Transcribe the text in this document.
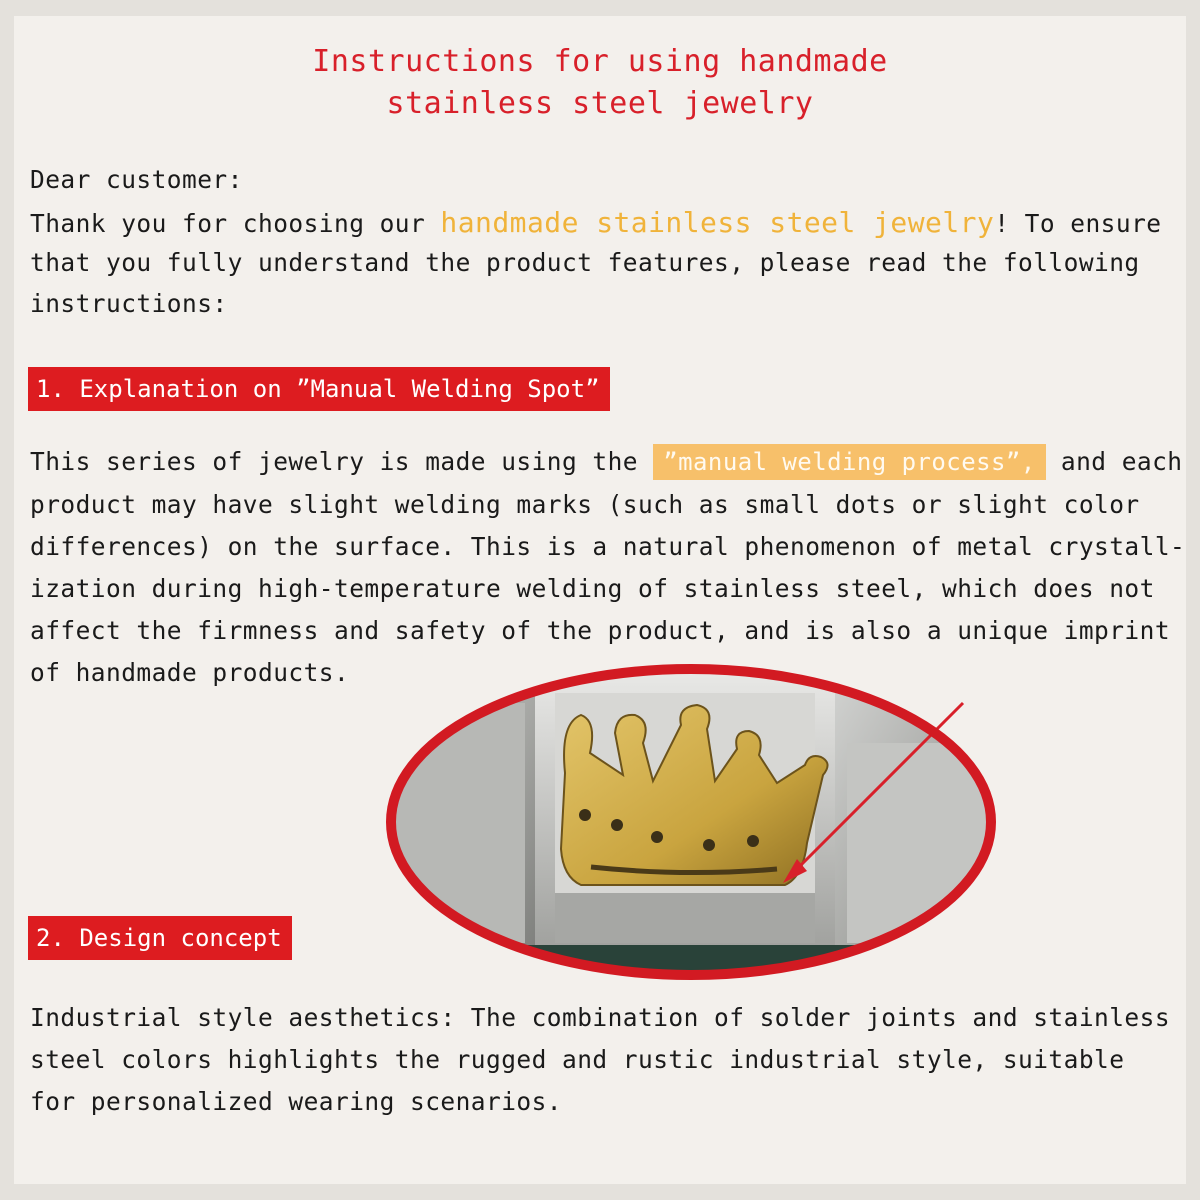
Instructions for using handmade
stainless steel jewelry
Dear customer:
Thank you for choosing our handmade stainless steel jewelry! To ensure
that you fully understand the product features, please read the following
instructions:
1. Explanation on ”Manual Welding Spot”
This series of jewelry is made using the ”manual welding process”, and each
product may have slight welding marks (such as small dots or slight color
differences) on the surface. This is a natural phenomenon of metal crystall-
ization during high-temperature welding of stainless steel, which does not
affect the firmness and safety of the product, and is also a unique imprint
of handmade products.
2. Design concept
Industrial style aesthetics: The combination of solder joints and stainless
steel colors highlights the rugged and rustic industrial style, suitable
for personalized wearing scenarios.
